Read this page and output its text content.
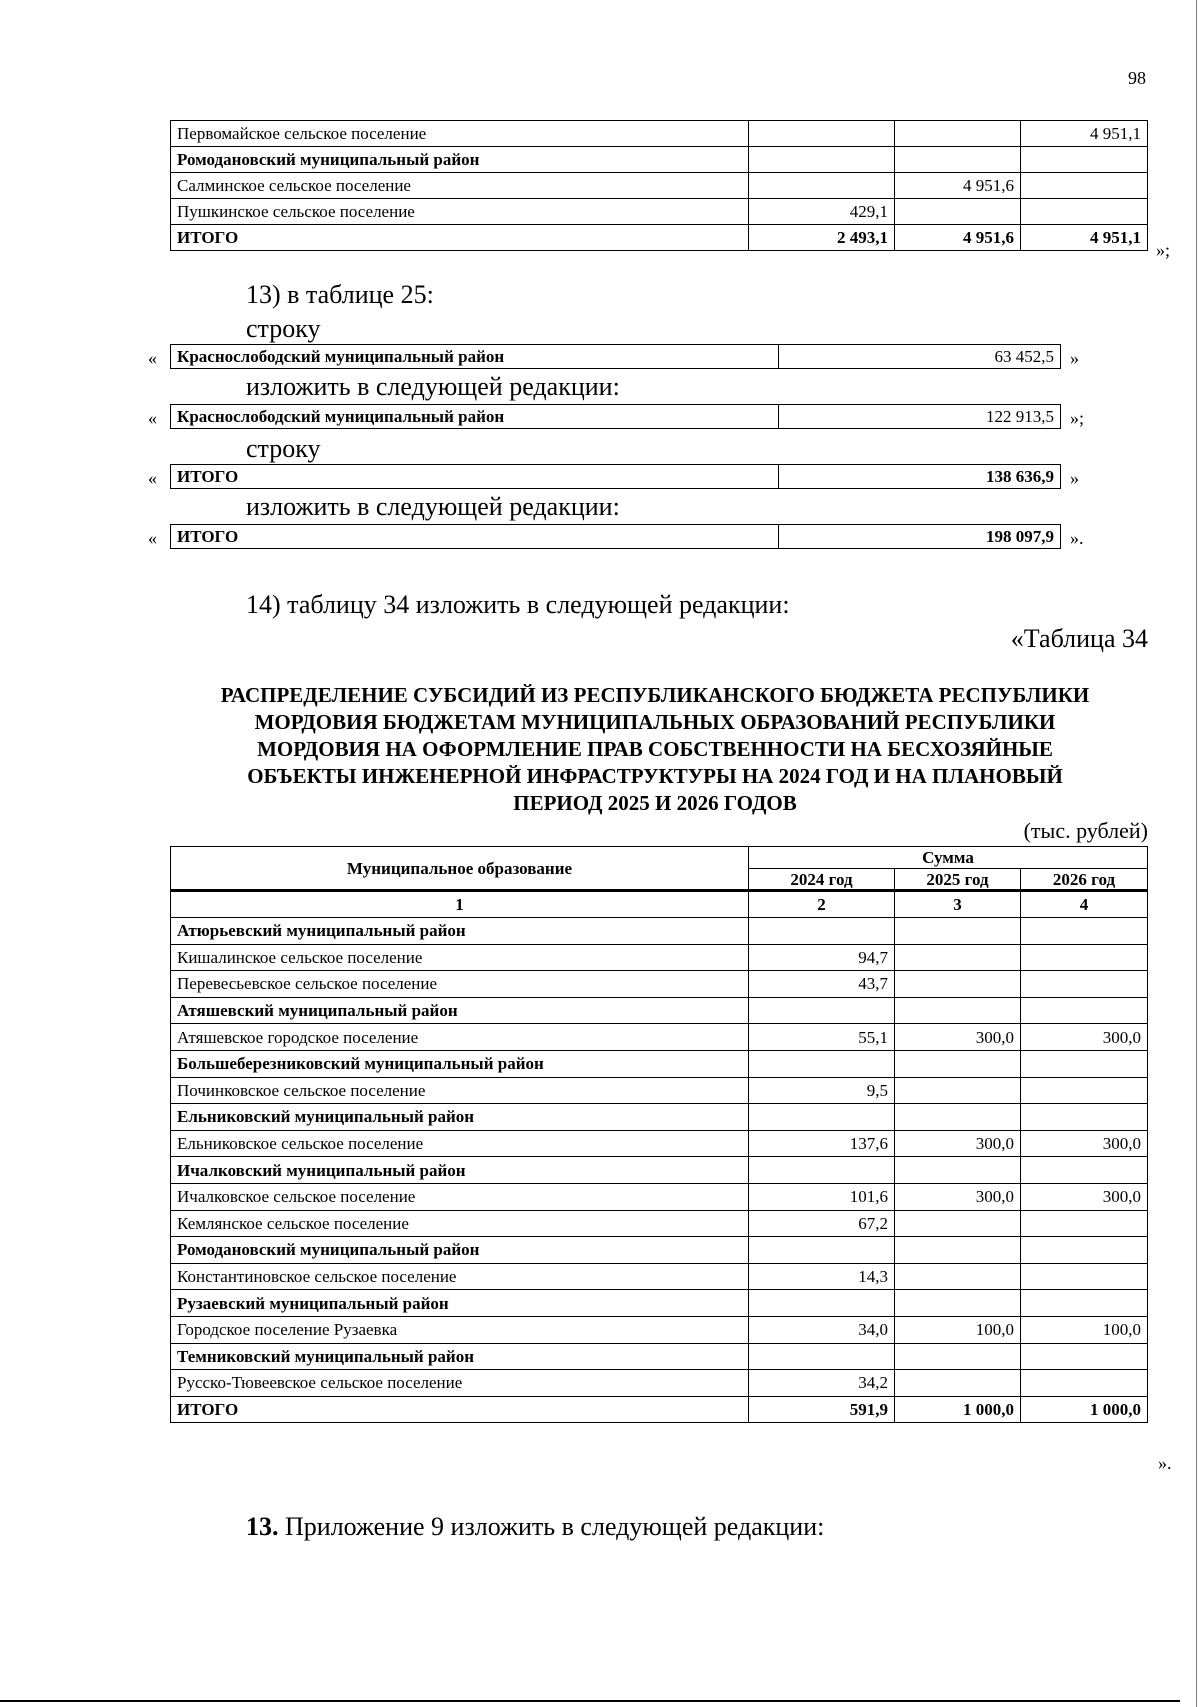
98
Первомайское сельское поселение			4 951,1
Ромодановский муниципальный район			
Салминское сельское поселение		4 951,6	
Пушкинское сельское поселение	429,1		
ИТОГО	2 493,1	4 951,6	4 951,1
»;
13) в таблице 25:
строку
« Краснослободский муниципальный район	63 452,5 »
изложить в следующей редакции:
« Краснослободский муниципальный район	122 913,5 »;
строку
« ИТОГО	138 636,9 »
изложить в следующей редакции:
« ИТОГО	198 097,9 ».
14) таблицу 34 изложить в следующей редакции:
«Таблица 34
РАСПРЕДЕЛЕНИЕ СУБСИДИЙ ИЗ РЕСПУБЛИКАНСКОГО БЮДЖЕТА РЕСПУБЛИКИ
МОРДОВИЯ БЮДЖЕТАМ МУНИЦИПАЛЬНЫХ ОБРАЗОВАНИЙ РЕСПУБЛИКИ
МОРДОВИЯ НА ОФОРМЛЕНИЕ ПРАВ СОБСТВЕННОСТИ НА БЕСХОЗЯЙНЫЕ
ОБЪЕКТЫ ИНЖЕНЕРНОЙ ИНФРАСТРУКТУРЫ НА 2024 ГОД И НА ПЛАНОВЫЙ
ПЕРИОД 2025 И 2026 ГОДОВ
(тыс. рублей)
Муниципальное образование	Сумма		
	2024 год	2025 год	2026 год
1	2	3	4
Атюрьевский муниципальный район			
Кишалинское сельское поселение	94,7		
Перевесьевское сельское поселение	43,7		
Атяшевский муниципальный район			
Атяшевское городское поселение	55,1	300,0	300,0
Большеберезниковский муниципальный район			
Починковское сельское поселение	9,5		
Ельниковский муниципальный район			
Ельниковское сельское поселение	137,6	300,0	300,0
Ичалковский муниципальный район			
Ичалковское сельское поселение	101,6	300,0	300,0
Кемлянское сельское поселение	67,2		
Ромодановский муниципальный район			
Константиновское сельское поселение	14,3		
Рузаевский муниципальный район			
Городское поселение Рузаевка	34,0	100,0	100,0
Темниковский муниципальный район			
Русско-Тювеевское сельское поселение	34,2		
ИТОГО	591,9	1 000,0	1 000,0
».
13. Приложение 9 изложить в следующей редакции:
